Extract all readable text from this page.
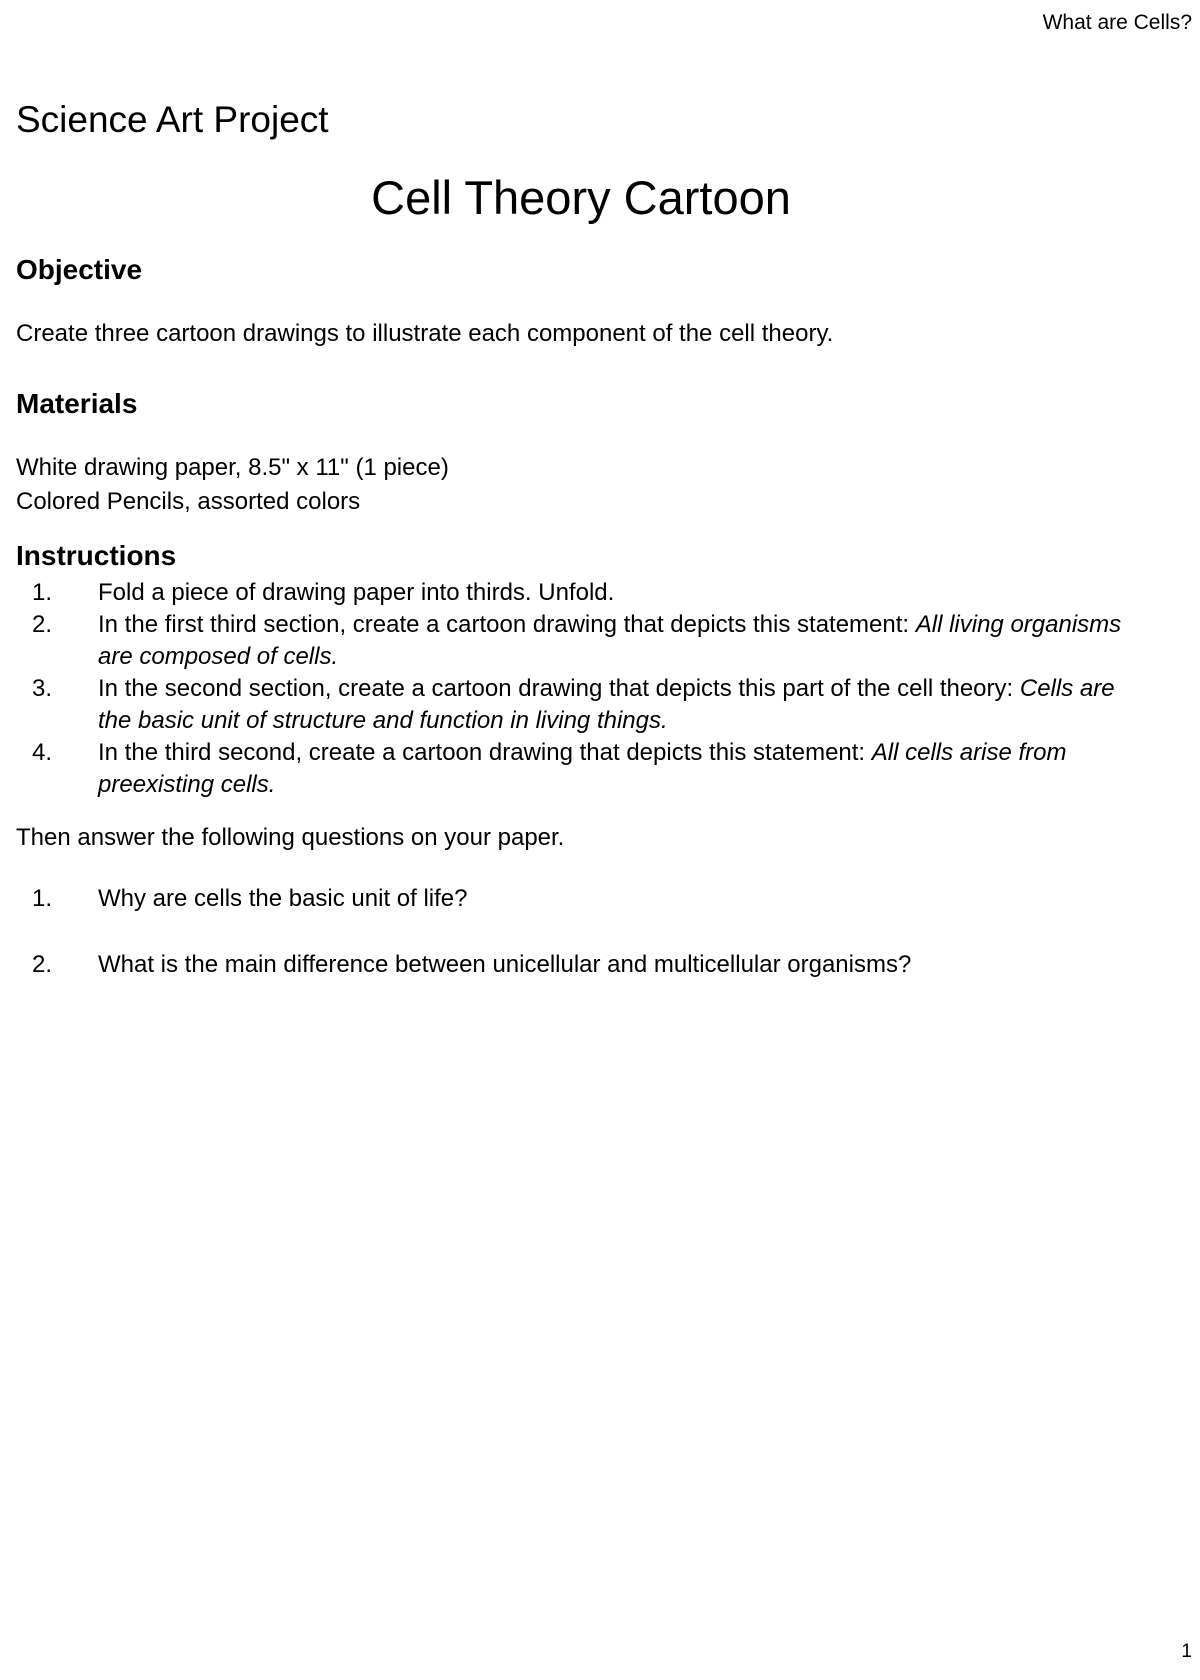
What are Cells?
Science Art Project
Cell Theory Cartoon
Objective

Create three cartoon drawings to illustrate each component of the cell theory.

Materials
White drawing paper, 8.5" x 11" (1 piece)
Colored Pencils, assorted colors
Instructions
1. Fold a piece of drawing paper into thirds. Unfold.
2. In the first third section, create a cartoon drawing that depicts this statement: All living organisms are composed of cells.
3. In the second section, create a cartoon drawing that depicts this part of the cell theory: Cells are the basic unit of structure and function in living things.
4. In the third second, create a cartoon drawing that depicts this statement: All cells arise from preexisting cells.

Then answer the following questions on your paper.

1. Why are cells the basic unit of life?
2. What is the main difference between unicellular and multicellular organisms?
1
